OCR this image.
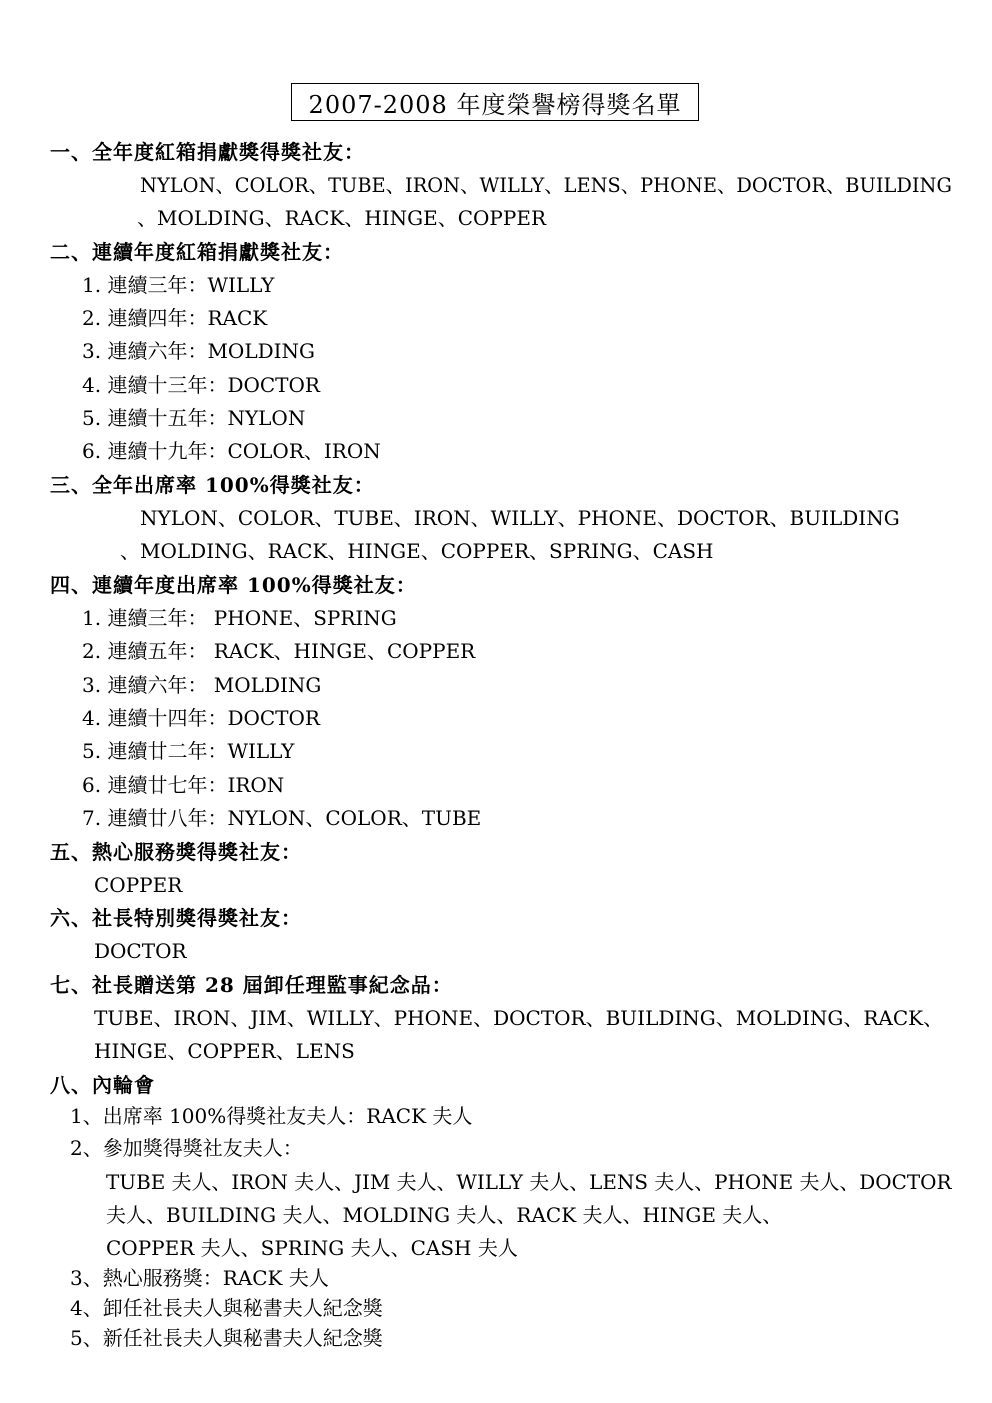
2007-2008 年度榮譽榜得獎名單
一、全年度紅箱捐獻獎得獎社友：
NYLON、COLOR、TUBE、IRON、WILLY、LENS、PHONE、DOCTOR、BUILDING
、MOLDING、RACK、HINGE、COPPER
二、連續年度紅箱捐獻獎社友：
1. 連續三年：WILLY
2. 連續四年：RACK
3. 連續六年：MOLDING
4. 連續十三年：DOCTOR
5. 連續十五年：NYLON
6. 連續十九年：COLOR、IRON
三、全年出席率 100%得獎社友：
NYLON、COLOR、TUBE、IRON、WILLY、PHONE、DOCTOR、BUILDING
、MOLDING、RACK、HINGE、COPPER、SPRING、CASH
四、連續年度出席率 100%得獎社友：
1. 連續三年： PHONE、SPRING
2. 連續五年： RACK、HINGE、COPPER
3. 連續六年： MOLDING
4. 連續十四年：DOCTOR
5. 連續廿二年：WILLY
6. 連續廿七年：IRON
7. 連續廿八年：NYLON、COLOR、TUBE
五、熱心服務獎得獎社友：
COPPER
六、社長特別獎得獎社友：
DOCTOR
七、社長贈送第 28 屆卸任理監事紀念品：
TUBE、IRON、JIM、WILLY、PHONE、DOCTOR、BUILDING、MOLDING、RACK、
HINGE、COPPER、LENS
八、內輪會
1、出席率 100%得獎社友夫人：RACK 夫人
2、參加獎得獎社友夫人：
TUBE 夫人、IRON 夫人、JIM 夫人、WILLY 夫人、LENS 夫人、PHONE 夫人、DOCTOR
夫人、BUILDING 夫人、MOLDING 夫人、RACK 夫人、HINGE 夫人、
COPPER 夫人、SPRING 夫人、CASH 夫人
3、熱心服務獎：RACK 夫人
4、卸任社長夫人與秘書夫人紀念獎
5、新任社長夫人與秘書夫人紀念獎
